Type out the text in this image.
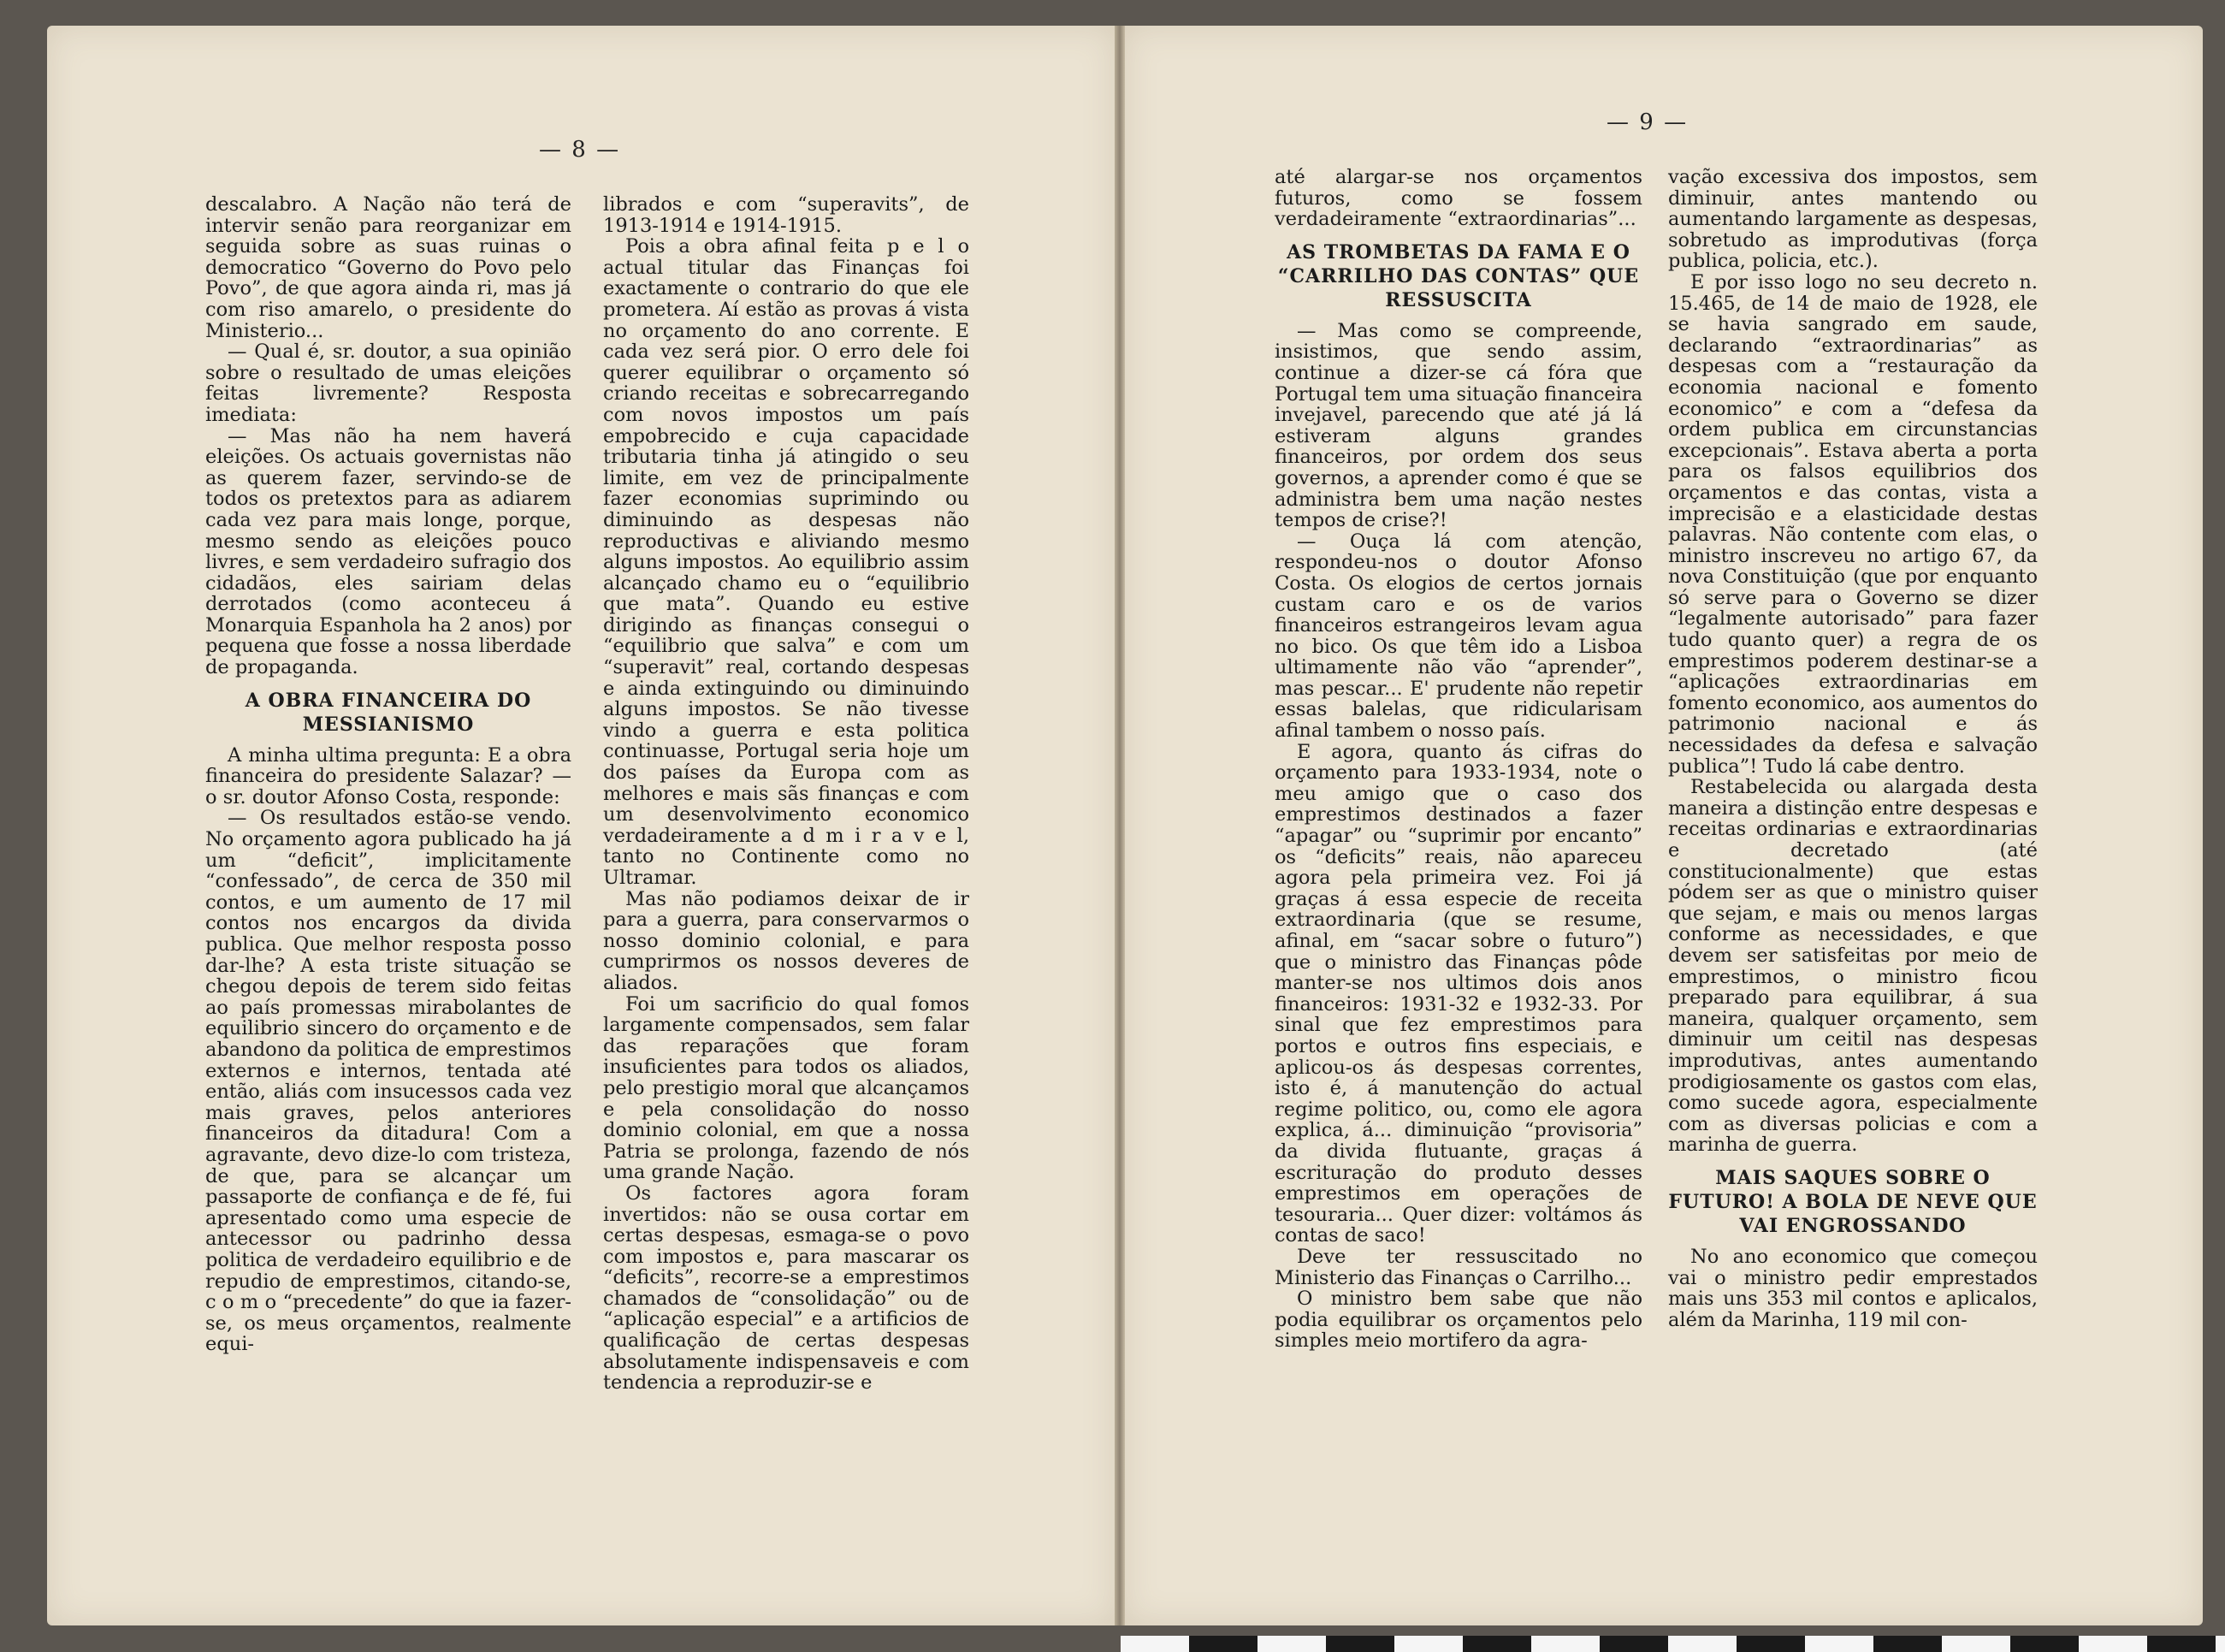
— 8 —
— 9 —

descalabro. A Nação não terá de intervir senão para reorganizar em seguida sobre as suas ruinas o democratico “Governo do Povo pelo Povo”, de que agora ainda ri, mas já com riso amarelo, o presidente do Ministerio...

— Qual é, sr. doutor, a sua opinião sobre o resultado de umas eleições feitas livremente? Resposta imediata:

— Mas não ha nem haverá eleições. Os actuais governistas não as querem fazer, servindo-se de todos os pretextos para as adiarem cada vez para mais longe, porque, mesmo sendo as eleições pouco livres, e sem verdadeiro sufragio dos cidadãos, eles sairiam delas derrotados (como aconteceu á Monarquia Espanhola ha 2 anos) por pequena que fosse a nossa liberdade de propaganda.

A OBRA FINANCEIRA DO MESSIANISMO

A minha ultima pregunta: E a obra financeira do presidente Salazar? — o sr. doutor Afonso Costa, responde:

— Os resultados estão-se vendo. No orçamento agora publicado ha já um “deficit”, implicitamente “confessado”, de cerca de 350 mil contos, e um aumento de 17 mil contos nos encargos da divida publica. Que melhor resposta posso dar-lhe? A esta triste situação se chegou depois de terem sido feitas ao país promessas mirabolantes de equilibrio sincero do orçamento e de abandono da politica de emprestimos externos e internos, tentada até então, aliás com insucessos cada vez mais graves, pelos anteriores financeiros da ditadura! Com a agravante, devo dize-lo com tristeza, de que, para se alcançar um passaporte de confiança e de fé, fui apresentado como uma especie de antecessor ou padrinho dessa politica de verdadeiro equilibrio e de repudio de emprestimos, citando-se, c o m o “precedente” do que ia fazer-se, os meus orçamentos, realmente equi-

librados e com “superavits”, de 1913-1914 e 1914-1915.

Pois a obra afinal feita p e l o actual titular das Finanças foi exactamente o contrario do que ele prometera. Aí estão as provas á vista no orçamento do ano corrente. E cada vez será pior. O erro dele foi querer equilibrar o orçamento só criando receitas e sobrecarregando com novos impostos um país empobrecido e cuja capacidade tributaria tinha já atingido o seu limite, em vez de principalmente fazer economias suprimindo ou diminuindo as despesas não reproductivas e aliviando mesmo alguns impostos. Ao equilibrio assim alcançado chamo eu o “equilibrio que mata”. Quando eu estive dirigindo as finanças consegui o “equilibrio que salva” e com um “superavit” real, cortando despesas e ainda extinguindo ou diminuindo alguns impostos. Se não tivesse vindo a guerra e esta politica continuasse, Portugal seria hoje um dos países da Europa com as melhores e mais sãs finanças e com um desenvolvimento economico verdadeiramente a d m i r a v e l, tanto no Continente como no Ultramar.

Mas não podiamos deixar de ir para a guerra, para conservarmos o nosso dominio colonial, e para cumprirmos os nossos deveres de aliados.

Foi um sacrificio do qual fomos largamente compensados, sem falar das reparações que foram insuficientes para todos os aliados, pelo prestigio moral que alcançamos e pela consolidação do nosso dominio colonial, em que a nossa Patria se prolonga, fazendo de nós uma grande Nação.

Os factores agora foram invertidos: não se ousa cortar em certas despesas, esmaga-se o povo com impostos e, para mascarar os “deficits”, recorre-se a emprestimos chamados de “consolidação” ou de “aplicação especial” e a artificios de qualificação de certas despesas absolutamente indispensaveis e com tendencia a reproduzir-se e

até alargar-se nos orçamentos futuros, como se fossem verdadeiramente “extraordinarias”...

AS TROMBETAS DA FAMA E O “CARRILHO DAS CONTAS” QUE RESSUSCITA

— Mas como se compreende, insistimos, que sendo assim, continue a dizer-se cá fóra que Portugal tem uma situação financeira invejavel, parecendo que até já lá estiveram alguns grandes financeiros, por ordem dos seus governos, a aprender como é que se administra bem uma nação nestes tempos de crise?!

— Ouça lá com atenção, respondeu-nos o doutor Afonso Costa. Os elogios de certos jornais custam caro e os de varios financeiros estrangeiros levam agua no bico. Os que têm ido a Lisboa ultimamente não vão “aprender”, mas pescar... E' prudente não repetir essas balelas, que ridicularisam afinal tambem o nosso país.

E agora, quanto ás cifras do orçamento para 1933-1934, note o meu amigo que o caso dos emprestimos destinados a fazer “apagar” ou “suprimir por encanto” os “deficits” reais, não apareceu agora pela primeira vez. Foi já graças á essa especie de receita extraordinaria (que se resume, afinal, em “sacar sobre o futuro”) que o ministro das Finanças pôde manter-se nos ultimos dois anos financeiros: 1931-32 e 1932-33. Por sinal que fez emprestimos para portos e outros fins especiais, e aplicou-os ás despesas correntes, isto é, á manutenção do actual regime politico, ou, como ele agora explica, á... diminuição “provisoria” da divida flutuante, graças á escrituração do produto desses emprestimos em operações de tesouraria... Quer dizer: voltámos ás contas de saco!

Deve ter ressuscitado no Ministerio das Finanças o Carrilho...

O ministro bem sabe que não podia equilibrar os orçamentos pelo simples meio mortifero da agra-

vação excessiva dos impostos, sem diminuir, antes mantendo ou aumentando largamente as despesas, sobretudo as improdutivas (força publica, policia, etc.).

E por isso logo no seu decreto n. 15.465, de 14 de maio de 1928, ele se havia sangrado em saude, declarando “extraordinarias” as despesas com a “restauração da economia nacional e fomento economico” e com a “defesa da ordem publica em circunstancias excepcionais”. Estava aberta a porta para os falsos equilibrios dos orçamentos e das contas, vista a imprecisão e a elasticidade destas palavras. Não contente com elas, o ministro inscreveu no artigo 67, da nova Constituição (que por enquanto só serve para o Governo se dizer “legalmente autorisado” para fazer tudo quanto quer) a regra de os emprestimos poderem destinar-se a “aplicações extraordinarias em fomento economico, aos aumentos do patrimonio nacional e ás necessidades da defesa e salvação publica”! Tudo lá cabe dentro.

Restabelecida ou alargada desta maneira a distinção entre despesas e receitas ordinarias e extraordinarias e decretado (até constitucionalmente) que estas pódem ser as que o ministro quiser que sejam, e mais ou menos largas conforme as necessidades, e que devem ser satisfeitas por meio de emprestimos, o ministro ficou preparado para equilibrar, á sua maneira, qualquer orçamento, sem diminuir um ceitil nas despesas improdutivas, antes aumentando prodigiosamente os gastos com elas, como sucede agora, especialmente com as diversas policias e com a marinha de guerra.

MAIS SAQUES SOBRE O FUTURO! A BOLA DE NEVE QUE VAI ENGROSSANDO

No ano economico que começou vai o ministro pedir emprestados mais uns 353 mil contos e aplicalos, além da Marinha, 119 mil con-
